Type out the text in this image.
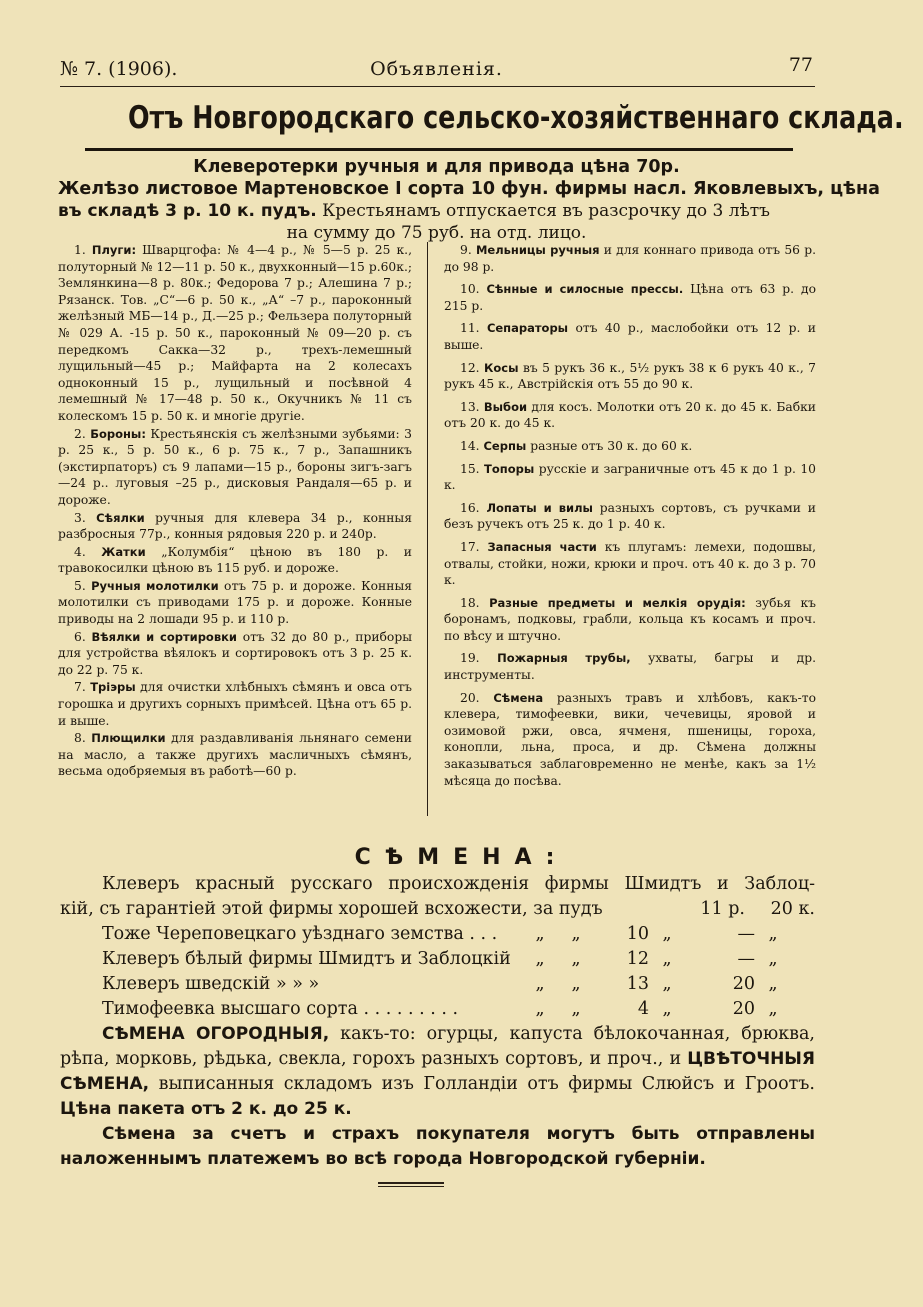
№ 7. (1906).	Объявленія.	77
Отъ Новгородскаго сельско-хозяйственнаго склада.
Клеверотерки ручныя и для привода цѣна 70р.
Желѣзо листовое Мартеновское I сорта 10 фун. фирмы насл. Яковлевыхъ, цѣна
въ складѣ 3 р. 10 к. пудъ. Крестьянамъ отпускается въ разсрочку до 3 лѣтъ
на сумму до 75 руб. на отд. лицо.
1. Плуги: Шварцгофа: № 4—4 р., № 5—5 р. 25 к., полуторный № 12—11 р. 50 к., двухконный—15 р.60к.; Землянкина—8 р. 80к.; Федорова 7 р.; Алешина 7 р.; Рязанск. Тов. „С“—6 р. 50 к., „А“ –7 р., пароконный желѣзный МБ—14 р., Д.—25 р.; Фельзера полуторный № 029 А. -15 р. 50 к., пароконный № 09—20 р. съ передкомъ Сакка—32 р., трехъ-лемешный лущильный—45 р.; Майфарта на 2 колесахъ одноконный 15 р., лущильный и посѣвной 4 лемешный № 17—48 р. 50 к., Окучникъ № 11 съ колескомъ 15 р. 50 к. и многіе другіе.
2. Бороны: Крестьянскія съ желѣзными зубьями: 3 р. 25 к., 5 р. 50 к., 6 р. 75 к., 7 р., Запашникъ (экстирпаторъ) съ 9 лапами—15 р., бороны зигъ-загъ—24 р.. луговыя –25 р., дисковыя Рандаля—65 р. и дороже.
3. Сѣялки ручныя для клевера 34 р., конныя разбросныя 77р., конныя рядовыя 220 р. и 240р.
4. Жатки „Колумбія“ цѣною въ 180 р. и травокосилки цѣною въ 115 руб. и дороже.
5. Ручныя молотилки отъ 75 р. и дороже. Конныя молотилки съ приводами 175 р. и дороже. Конные приводы на 2 лошади 95 р. и 110 р.
6. Вѣялки и сортировки отъ 32 до 80 р., приборы для устройства вѣялокъ и сортировокъ отъ 3 р. 25 к. до 22 р. 75 к.
7. Тріэры для очистки хлѣбныхъ сѣмянъ и овса отъ горошка и другихъ сорныхъ примѣсей. Цѣна отъ 65 р. и выше.
8. Плющилки для раздавливанія льнянаго семени на масло, а также другихъ масличныхъ сѣмянъ, весьма одобряемыя въ работѣ—60 р.
9. Мельницы ручныя и для коннаго привода отъ 56 р. до 98 р.
10. Сѣнные и силосные прессы. Цѣна отъ 63 р. до 215 р.
11. Сепараторы отъ 40 р., маслобойки отъ 12 р. и выше.
12. Косы въ 5 рукъ 36 к., 5½ рукъ 38 к 6 рукъ 40 к., 7 рукъ 45 к., Австрійскія отъ 55 до 90 к.
13. Выбои для косъ. Молотки отъ 20 к. до 45 к. Бабки отъ 20 к. до 45 к.
14. Серпы разные отъ 30 к. до 60 к.
15. Топоры русскіе и заграничные отъ 45 к до 1 р. 10 к.
16. Лопаты и вилы разныхъ сортовъ, съ ручками и безъ ручекъ отъ 25 к. до 1 р. 40 к.
17. Запасныя части къ плугамъ: лемехи, подошвы, отвалы, стойки, ножи, крюки и проч. отъ 40 к. до 3 р. 70 к.
18. Разные предметы и мелкія орудія: зубья къ боронамъ, подковы, грабли, кольца къ косамъ и проч. по вѣсу и штучно.
19. Пожарныя трубы, ухваты, багры и др. инструменты.
20. Сѣмена разныхъ травъ и хлѣбовъ, какъ-то клевера, тимофеевки, вики, чечевицы, яровой и озимовой ржи, овса, ячменя, пшеницы, гороха, конопли, льна, проса, и др. Сѣмена должны заказываться заблаговременно не менѣе, какъ за 1½ мѣсяца до посѣва.
СѢМЕНА:
Клеверъ красный русскаго происхожденія фирмы Шмидтъ и Заблоц-
кій, съ гарантіей этой фирмы хорошей всхожести, за пудъ	11 р.	20 к.
Тоже Череповецкаго уѣзднаго земства . . .	„	„	10 „	— „
Клеверъ бѣлый фирмы Шмидтъ и Заблоцкій	„	„	12 „	— „
Клеверъ шведскій » » »	„	„	13 „	20 „
Тимофеевка высшаго сорта . . . . . . . . .	„	„	4 „	20 „
СѢМЕНА ОГОРОДНЫЯ, какъ-то: огурцы, капуста бѣлокочанная, брюква, рѣпа, морковь, рѣдька, свекла, горохъ разныхъ сортовъ, и проч., и ЦВѢТОЧНЫЯ СѢМЕНА, выписанныя складомъ изъ Голландіи отъ фирмы Слюйсъ и Гроотъ. Цѣна пакета отъ 2 к. до 25 к.
Сѣмена за счетъ и страхъ покупателя могутъ быть отправлены наложеннымъ платежемъ во всѣ города Новгородской губерніи.
